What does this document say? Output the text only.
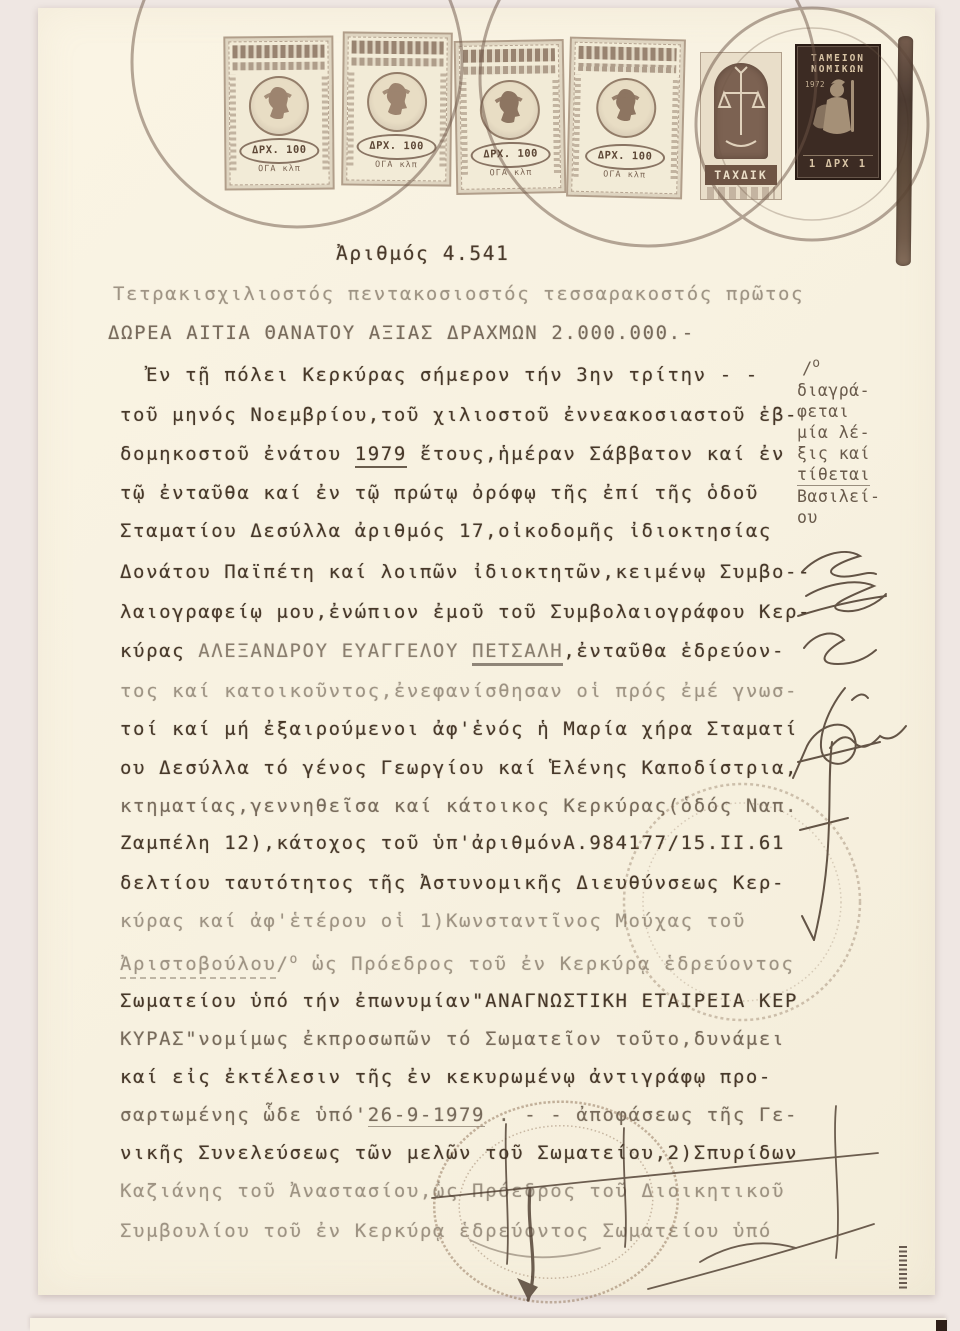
ΔΡΧ. 100
ΟΓΑ κλπ
ΔΡΧ. 100
ΟΓΑ κλπ
ΔΡΧ. 100
ΟΓΑ κλπ
ΔΡΧ. 100
ΟΓΑ κλπ	ΤΑΧΔΙΚ
ΤΑΜΕΙΟΝ
ΝΟΜΙΚΩΝ
1972
1 ΔΡΧ 1
Ἀριθμός 4.541
Τετρακισχιλιοστός πεντακοσιοστός τεσσαρακοστός πρῶτος
ΔΩΡΕΑ ΑΙΤΙΑ ΘΑΝΑΤΟΥ ΑΞΙΑΣ ΔΡΑΧΜΩΝ 2.000.000.-
Ἐν τῇ πόλει Κερκύρας σήμερον τήν 3ην τρίτην - -
τοῦ μηνός Νοεμβρίου,τοῦ χιλιοστοῦ ἐννεακοσιαστοῦ ἑβ-
δομηκοστοῦ ἐνάτου 1979 ἔτους,ἡμέραν Σάββατον καί ἐν
τῷ ἐνταῦθα καί ἐν τῷ πρώτῳ ὀρόφῳ τῆς ἐπί τῆς ὁδοῦ
Σταματίου Δεσύλλα ἀριθμός 17,οἰκοδομῆς ἰδιοκτησίας
Δονάτου Παϊπέτη καί λοιπῶν ἰδιοκτητῶν,κειμένῳ Συμβο--
λαιογραφείῳ μου,ἐνώπιον ἐμοῦ τοῦ Συμβολαιογράφου Κερ-
κύρας ΑΛΕΞΑΝΔΡΟΥ ΕΥΑΓΓΕΛΟΥ ΠΕΤΣΑΛΗ,ἐνταῦθα ἑδρεύον-
τος καί κατοικοῦντος,ἐνεφανίσθησαν οἱ πρός ἐμέ γνωσ-
τοί καί μή ἐξαιρούμενοι ἀφ'ἑνός ἡ Μαρία χήρα Σταματί
ου Δεσύλλα τό γένος Γεωργίου καί Ἑλένης Καποδίστρια,
κτηματίας,γεννηθεῖσα καί κάτοικος Κερκύρας(ὁδός Ναπ.
Ζαμπέλη 12),κάτοχος τοῦ ὑπ'ἀριθμόνΑ.984177/15.ΙΙ.61
δελτίου ταυτότητος τῆς Ἀστυνομικῆς Διευθύνσεως Κερ-
κύρας καί ἀφ'ἑτέρου οἱ 1)Κωνσταντῖνος Μούχας τοῦ
Ἀριστοβούλου/$^o$ ὡς Πρόεδρος τοῦ ἐν Κερκύρᾳ ἑδρεύοντος
Σωματείου ὑπό τήν ἐπωνυμίαν"ΑΝΑΓΝΩΣΤΙΚΗ ΕΤΑΙΡΕΙΑ ΚΕΡ
ΚΥΡΑΣ"νομίμως ἐκπροσωπῶν τό Σωματεῖον τοῦτο,δυνάμει
καί εἰς ἐκτέλεσιν τῆς ἐν κεκυρωμένῳ ἀντιγράφῳ προ-
σαρτωμένης ὧδε ὑπό'26-9-1979 . - - ἀποφάσεως τῆς Γε-
νικῆς Συνελεύσεως τῶν μελῶν τοῦ Σωματείου,2)Σπυρίδων
Καζιάνης τοῦ Ἀναστασίου,ὡς Πρόεδρος τοῦ Διοικητικοῦ
Συμβουλίου τοῦ ἐν Κερκύρᾳ ἑδρεύοντος Σωματείου ὑπό
/$^o$
διαγρά-
φεται
μία λέ-
ξις καί
τίθεται
Βασιλεί-
ου
